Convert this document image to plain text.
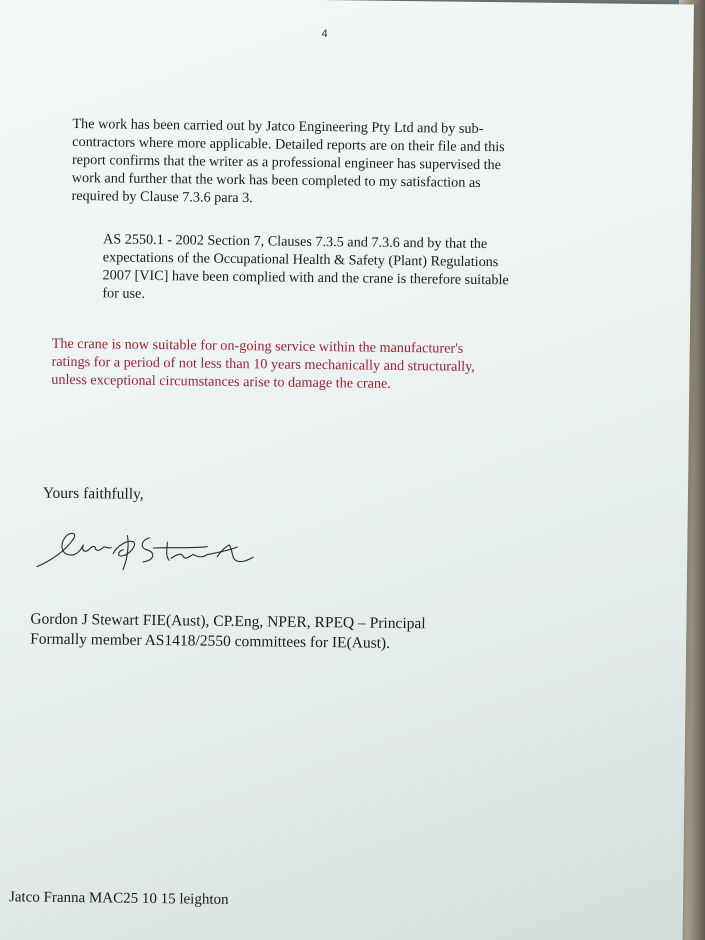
4

The work has been carried out by Jatco Engineering Pty Ltd and by sub-
contractors where more applicable. Detailed reports are on their file and this
report confirms that the writer as a professional engineer has supervised the
work and further that the work has been completed to my satisfaction as
required by Clause 7.3.6 para 3.

AS 2550.1 - 2002 Section 7, Clauses 7.3.5 and 7.3.6 and by that the
expectations of the Occupational Health & Safety (Plant) Regulations
2007 [VIC] have been complied with and the crane is therefore suitable
for use.

The crane is now suitable for on-going service within the manufacturer's
ratings for a period of not less than 10 years mechanically and structurally,
unless exceptional circumstances arise to damage the crane.

Yours faithfully,

Gordon J Stewart FIE(Aust), CP.Eng, NPER, RPEQ – Principal
Formally member AS1418/2550 committees for IE(Aust).

Jatco Franna MAC25 10 15 leighton
